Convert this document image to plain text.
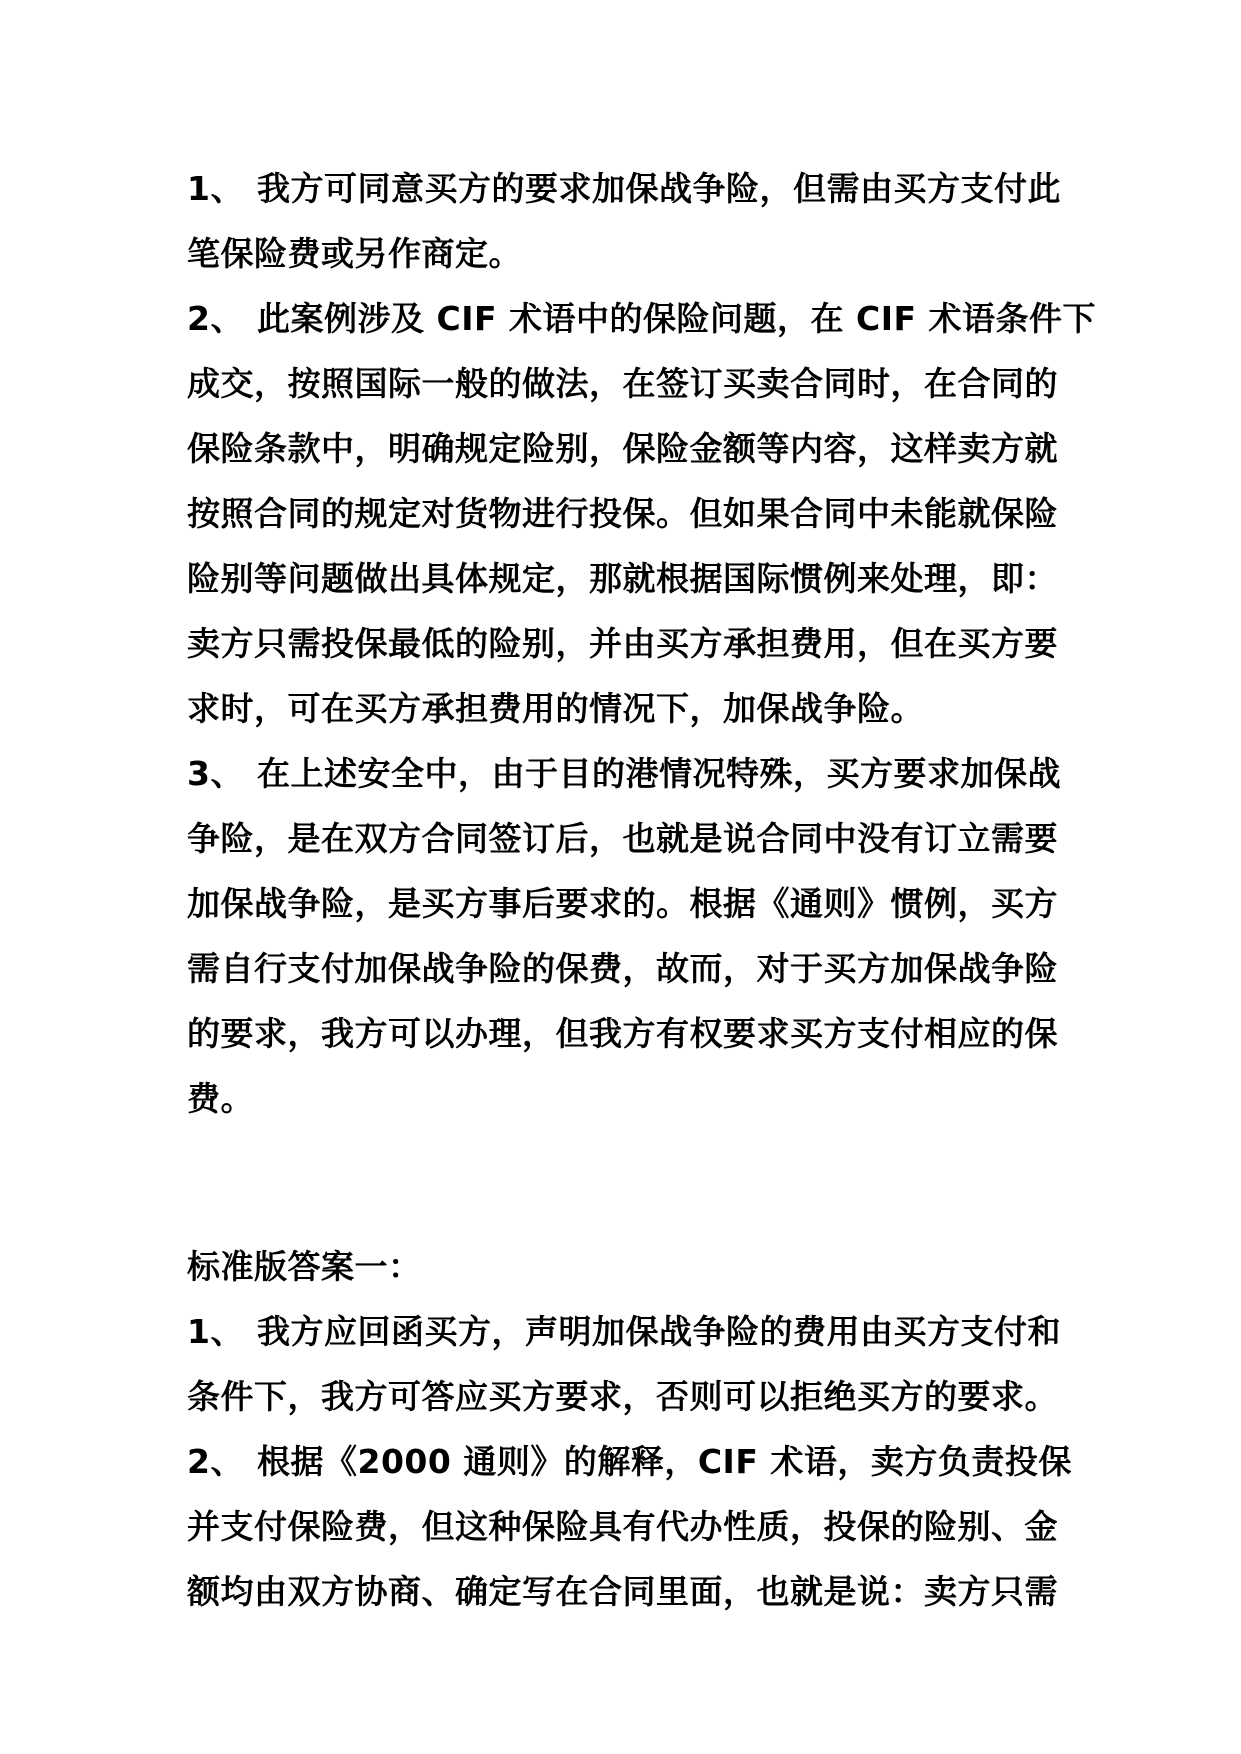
1、 我方可同意买方的要求加保战争险，但需由买方支付此
笔保险费或另作商定。
2、 此案例涉及 CIF 术语中的保险问题，在 CIF 术语条件下
成交，按照国际一般的做法，在签订买卖合同时，在合同的
保险条款中，明确规定险别，保险金额等内容，这样卖方就
按照合同的规定对货物进行投保。但如果合同中未能就保险
险别等问题做出具体规定，那就根据国际惯例来处理，即：
卖方只需投保最低的险别，并由买方承担费用，但在买方要
求时，可在买方承担费用的情况下，加保战争险。
3、 在上述安全中，由于目的港情况特殊，买方要求加保战
争险，是在双方合同签订后，也就是说合同中没有订立需要
加保战争险，是买方事后要求的。根据《通则》惯例，买方
需自行支付加保战争险的保费，故而，对于买方加保战争险
的要求，我方可以办理，但我方有权要求买方支付相应的保
费。
标准版答案一：
1、 我方应回函买方，声明加保战争险的费用由买方支付和
条件下，我方可答应买方要求，否则可以拒绝买方的要求。
2、 根据《2000 通则》的解释，CIF 术语，卖方负责投保
并支付保险费，但这种保险具有代办性质，投保的险别、金
额均由双方协商、确定写在合同里面，也就是说：卖方只需
